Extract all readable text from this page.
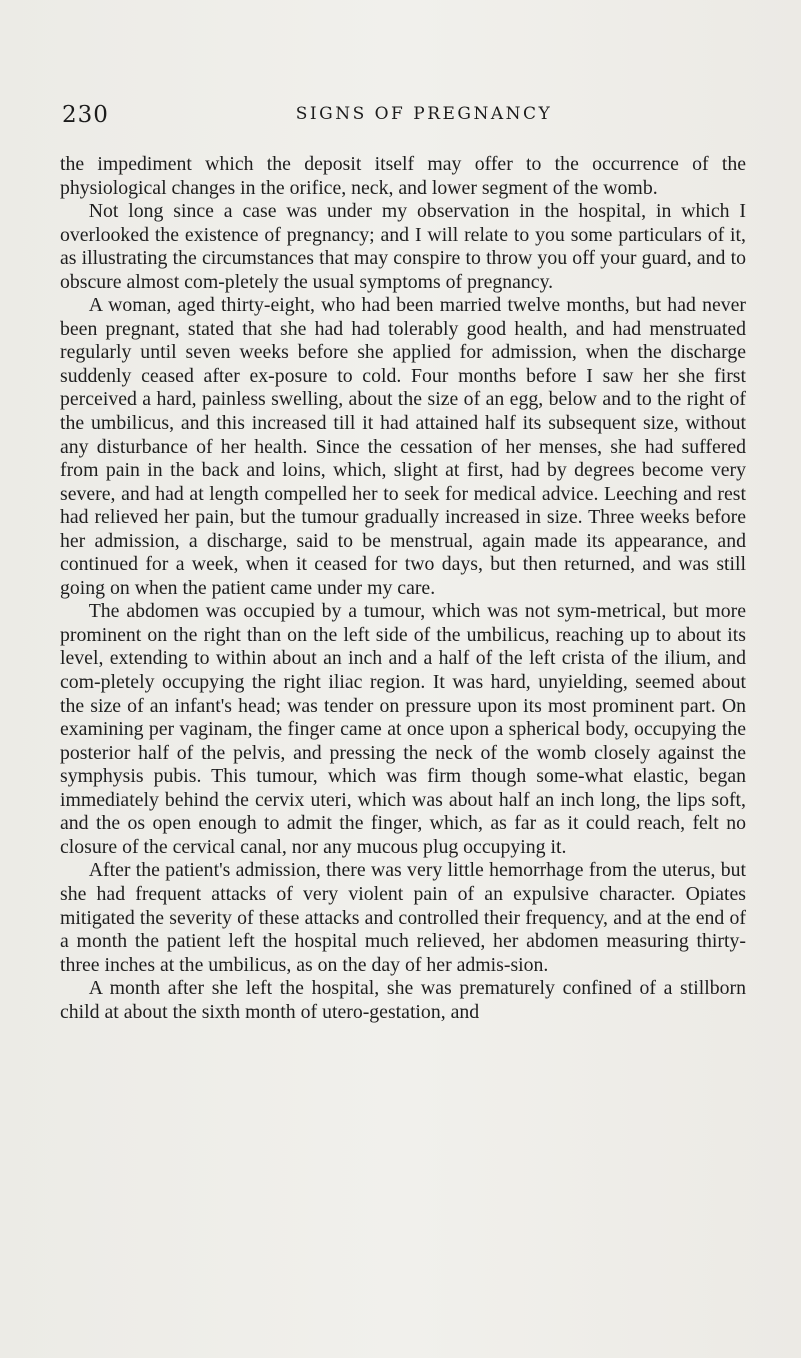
230	SIGNS OF PREGNANCY

the impediment which the deposit itself may offer to the occurrence of the physiological changes in the orifice, neck, and lower segment of the womb.

Not long since a case was under my observation in the hospital, in which I overlooked the existence of pregnancy; and I will relate to you some particulars of it, as illustrating the circumstances that may conspire to throw you off your guard, and to obscure almost com-pletely the usual symptoms of pregnancy.

A woman, aged thirty-eight, who had been married twelve months, but had never been pregnant, stated that she had had tolerably good health, and had menstruated regularly until seven weeks before she applied for admission, when the discharge suddenly ceased after ex-posure to cold. Four months before I saw her she first perceived a hard, painless swelling, about the size of an egg, below and to the right of the umbilicus, and this increased till it had attained half its subsequent size, without any disturbance of her health. Since the cessation of her menses, she had suffered from pain in the back and loins, which, slight at first, had by degrees become very severe, and had at length compelled her to seek for medical advice. Leeching and rest had relieved her pain, but the tumour gradually increased in size. Three weeks before her admission, a discharge, said to be menstrual, again made its appearance, and continued for a week, when it ceased for two days, but then returned, and was still going on when the patient came under my care.

The abdomen was occupied by a tumour, which was not sym-metrical, but more prominent on the right than on the left side of the umbilicus, reaching up to about its level, extending to within about an inch and a half of the left crista of the ilium, and com-pletely occupying the right iliac region. It was hard, unyielding, seemed about the size of an infant's head; was tender on pressure upon its most prominent part. On examining per vaginam, the finger came at once upon a spherical body, occupying the posterior half of the pelvis, and pressing the neck of the womb closely against the symphysis pubis. This tumour, which was firm though some-what elastic, began immediately behind the cervix uteri, which was about half an inch long, the lips soft, and the os open enough to admit the finger, which, as far as it could reach, felt no closure of the cervical canal, nor any mucous plug occupying it.

After the patient's admission, there was very little hemorrhage from the uterus, but she had frequent attacks of very violent pain of an expulsive character. Opiates mitigated the severity of these attacks and controlled their frequency, and at the end of a month the patient left the hospital much relieved, her abdomen measuring thirty-three inches at the umbilicus, as on the day of her admis-sion.

A month after she left the hospital, she was prematurely confined of a stillborn child at about the sixth month of utero-gestation, and
